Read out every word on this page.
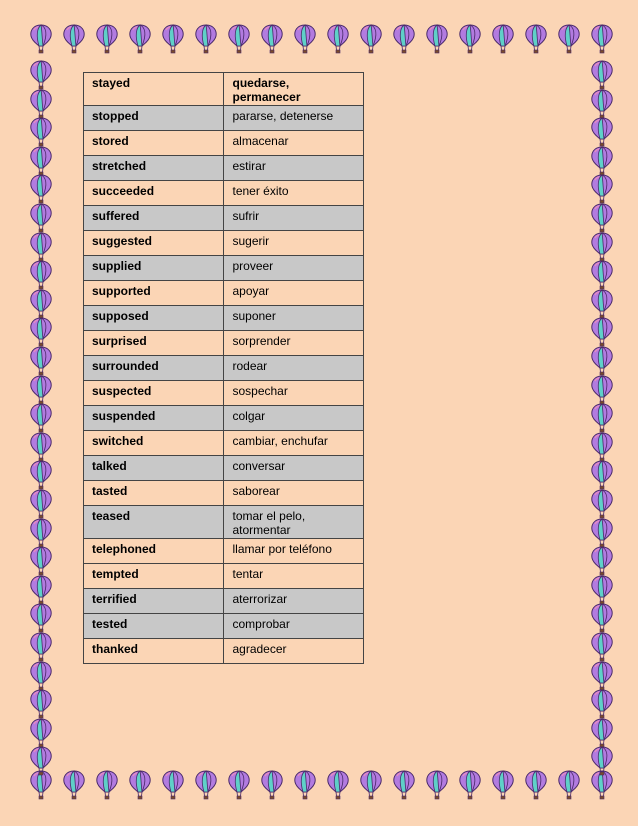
stayed	quedarse, permanecer
stopped	pararse, detenerse
stored	almacenar
stretched	estirar
succeeded	tener éxito
suffered	sufrir
suggested	sugerir
supplied	proveer
supported	apoyar
supposed	suponer
surprised	sorprender
surrounded	rodear
suspected	sospechar
suspended	colgar
switched	cambiar, enchufar
talked	conversar
tasted	saborear
teased	tomar el pelo, atormentar
telephoned	llamar por teléfono
tempted	tentar
terrified	aterrorizar
tested	comprobar
thanked	agradecer
